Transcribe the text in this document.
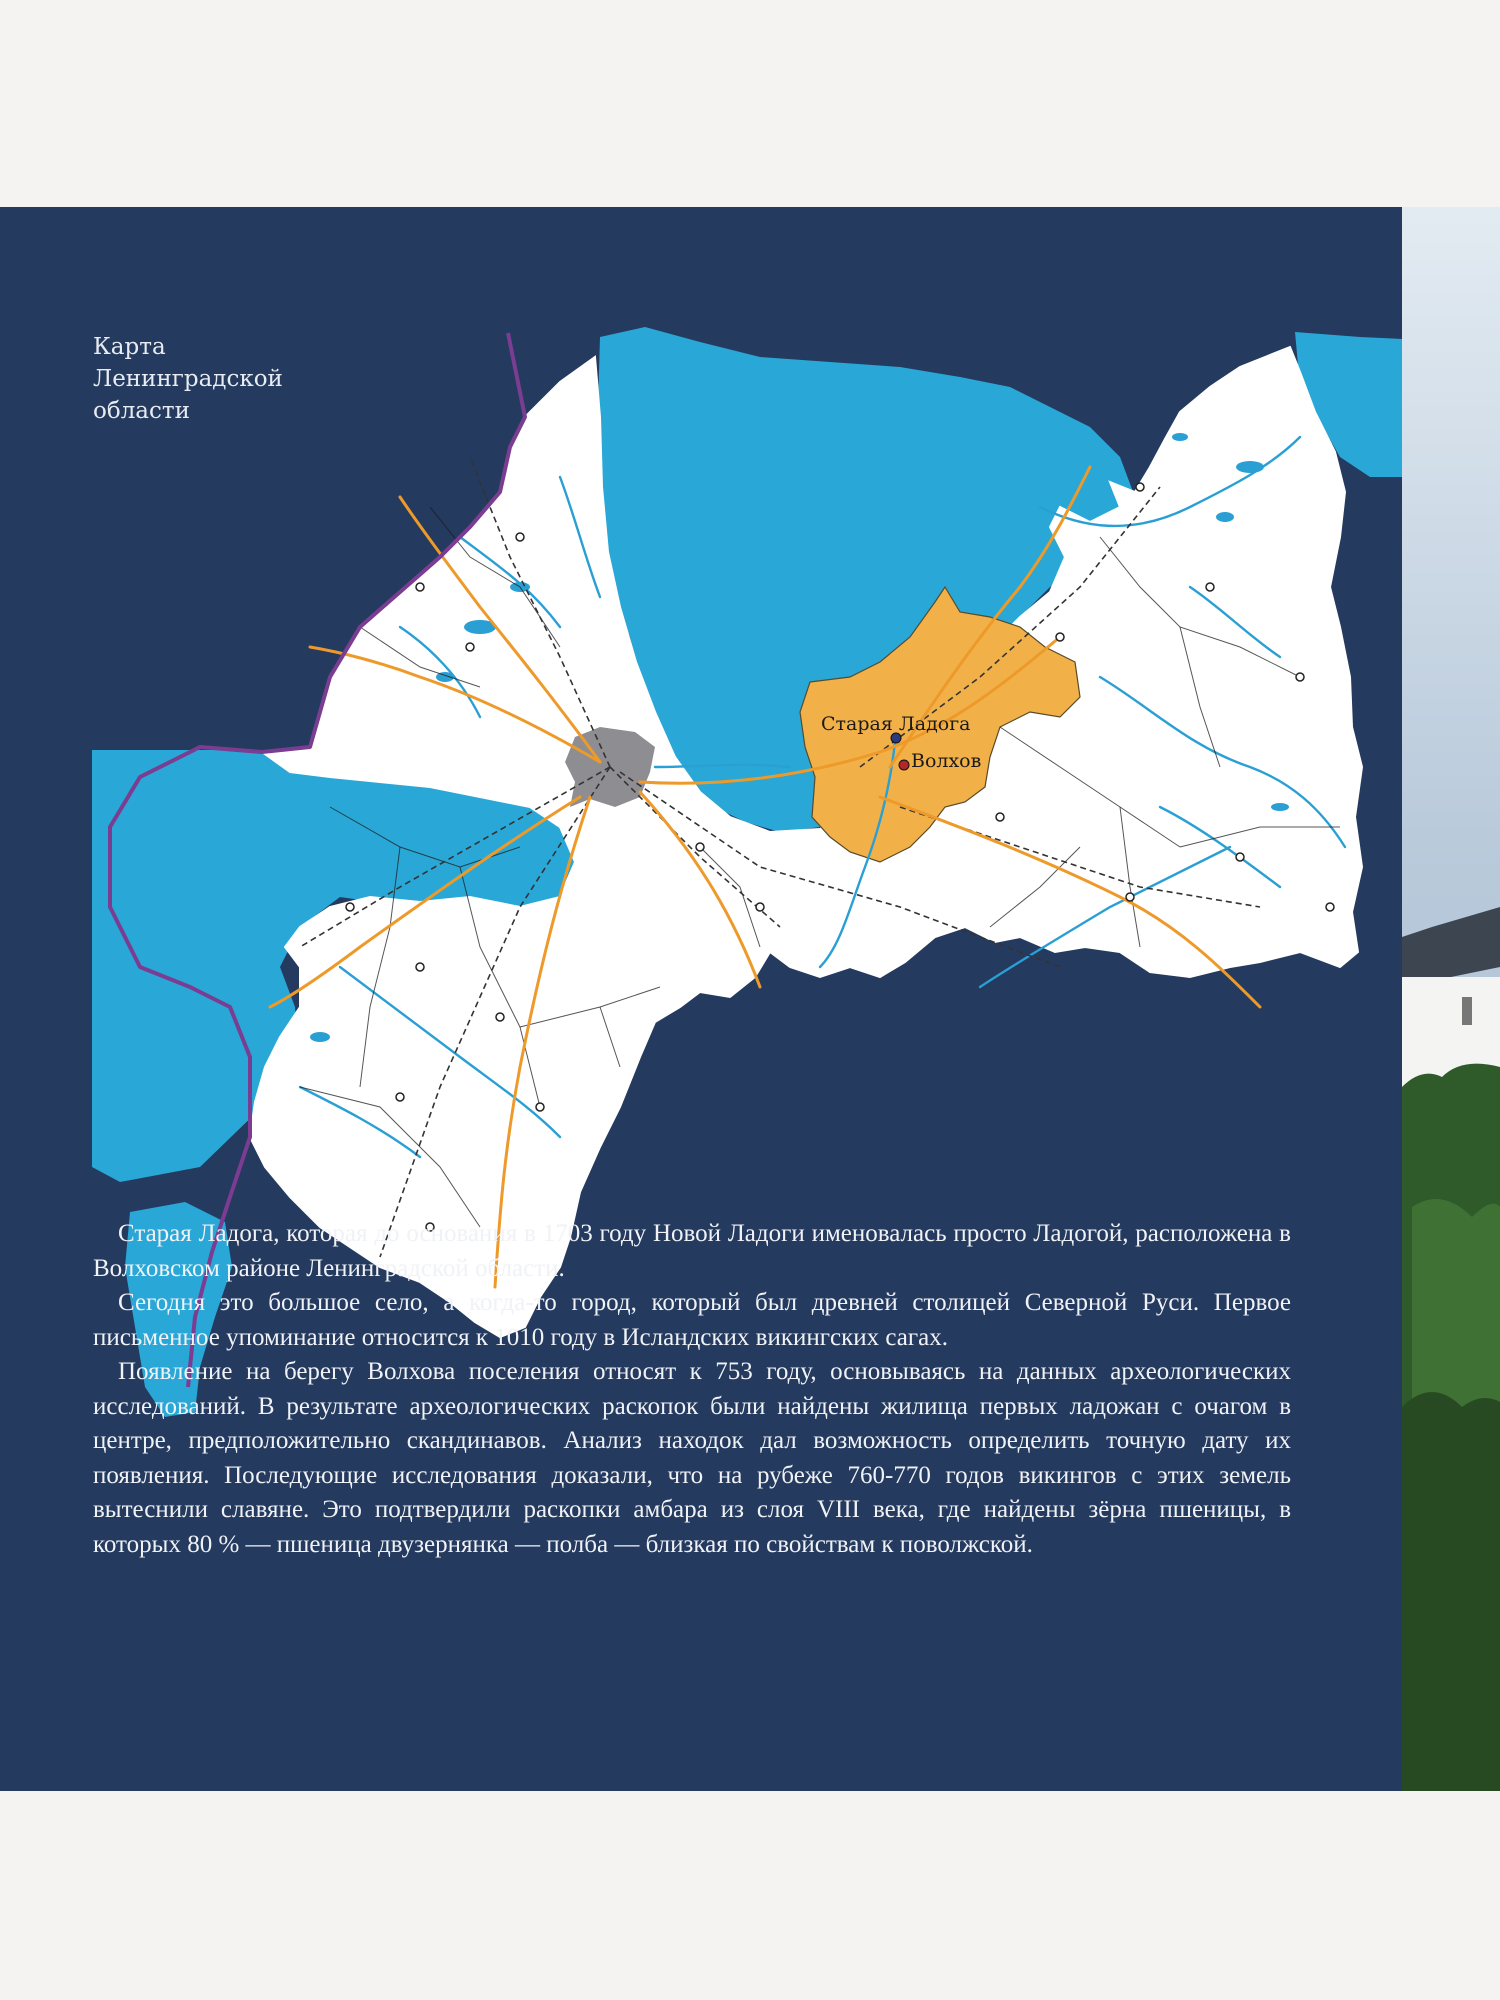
Карта
Ленинградской
области
Старая Ладога
Волхов

Старая Ладога, которая до основания в 1703 году Новой Ладоги именовалась просто Ладогой, расположена в Волховском районе Ленинградской области.

Сегодня это большое село, а когда-то город, который был древней столицей Северной Руси. Первое письменное упоминание относится к 1010 году в Исландских викингских сагах.

Появление на берегу Волхова поселения относят к 753 году, основываясь на данных археологических исследований. В результате археологических раскопок были найдены жилища первых ладожан с очагом в центре, предположительно скандинавов. Анализ находок дал возможность определить точную дату их появления. Последующие исследования доказали, что на рубеже 760-770 годов викингов с этих земель вытеснили славяне. Это подтвердили раскопки амбара из слоя VIII века, где найдены зёрна пшеницы, в которых 80 % — пшеница двузернянка — полба — близкая по свойствам к поволжской.
